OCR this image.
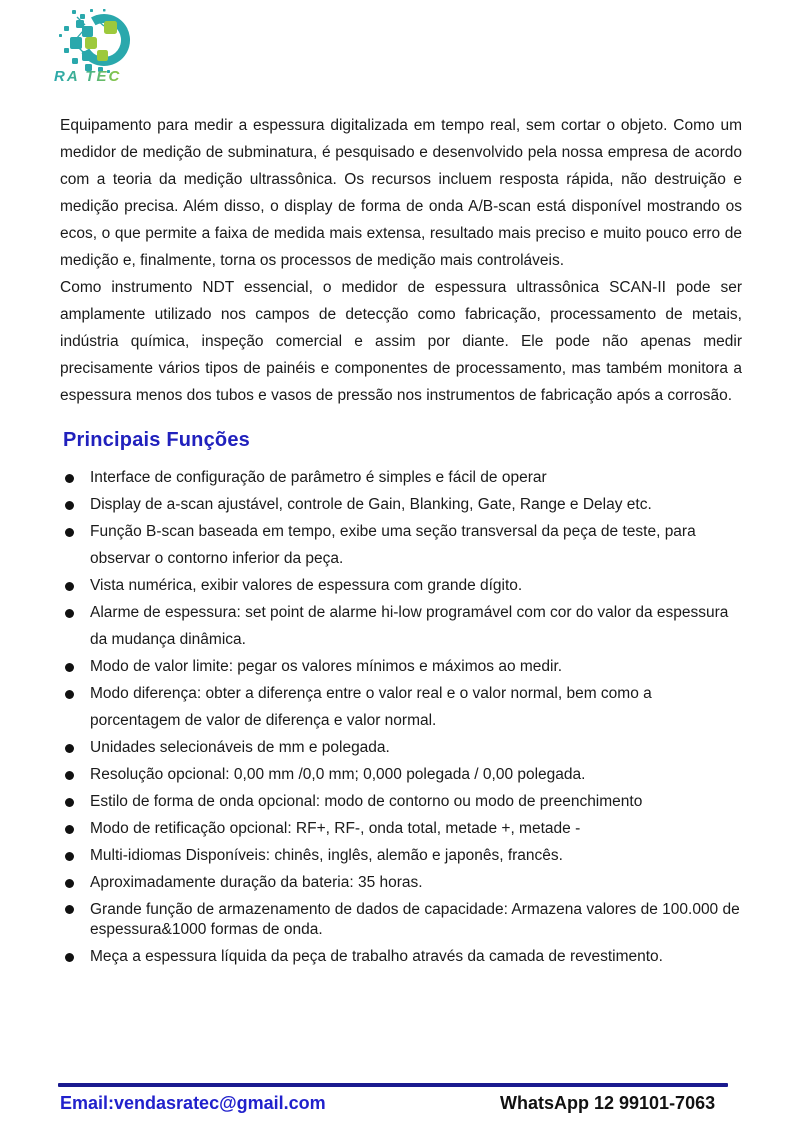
RA TEC

Equipamento para medir a espessura digitalizada em tempo real, sem cortar o objeto. Como um medidor de medição de subminatura, é pesquisado e desenvolvido pela nossa empresa de acordo com a teoria da medição ultrassônica. Os recursos incluem resposta rápida, não destruição e medição precisa. Além disso, o display de forma de onda A/B-scan está disponível mostrando os ecos, o que permite a faixa de medida mais extensa, resultado mais preciso e muito pouco erro de medição e, finalmente, torna os processos de medição mais controláveis.

Como instrumento NDT essencial, o medidor de espessura ultrassônica SCAN-II pode ser amplamente utilizado nos campos de detecção como fabricação, processamento de metais, indústria química, inspeção comercial e assim por diante. Ele pode não apenas medir precisamente vários tipos de painéis e componentes de processamento, mas também monitora a espessura menos dos tubos e vasos de pressão nos instrumentos de fabricação após a corrosão.

Principais Funções
Interface de configuração de parâmetro é simples e fácil de operar
Display de a-scan ajustável, controle de Gain, Blanking, Gate, Range e Delay etc.
Função B-scan baseada em tempo, exibe uma seção transversal da peça de teste, para observar o contorno inferior da peça.
Vista numérica, exibir valores de espessura com grande dígito.
Alarme de espessura: set point de alarme hi-low programável com cor do valor da espessura da mudança dinâmica.
Modo de valor limite: pegar os valores mínimos e máximos ao medir.
Modo diferença: obter a diferença entre o valor real e o valor normal, bem como a porcentagem de valor de diferença e valor normal.
Unidades selecionáveis de mm e polegada.
Resolução opcional: 0,00 mm /0,0 mm; 0,000 polegada / 0,00 polegada.
Estilo de forma de onda opcional: modo de contorno ou modo de preenchimento
Modo de retificação opcional: RF+, RF-, onda total, metade +, metade -
Multi-idiomas Disponíveis: chinês, inglês, alemão e japonês, francês.
Aproximadamente duração da bateria: 35 horas.
Grande função de armazenamento de dados de capacidade: Armazena valores de 100.000 de espessura&1000 formas de onda.
Meça a espessura líquida da peça de trabalho através da camada de revestimento.
Email:vendasratec@gmail.com	WhatsApp 12 99101-7063
